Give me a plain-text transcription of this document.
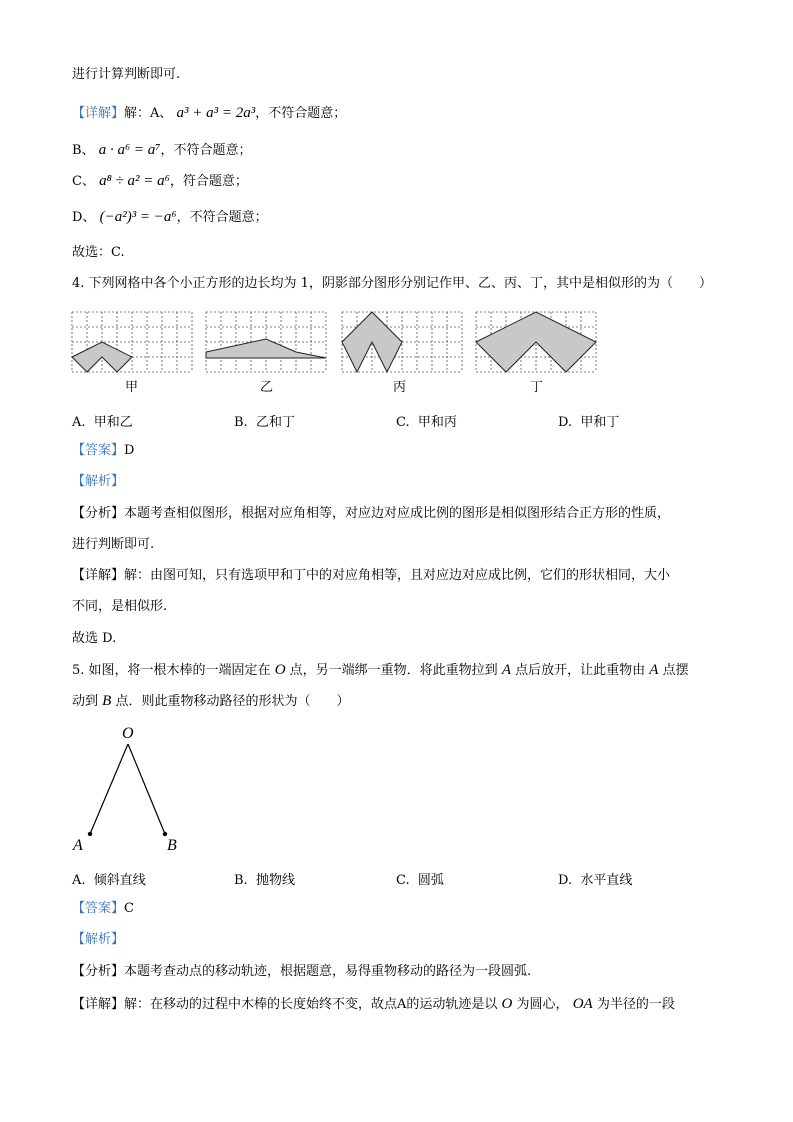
进行计算判断即可.
【详解】解：A、 a³ + a³ = 2a³，不符合题意；
B、 a · a⁶ = a⁷，不符合题意；
C、 a⁸ ÷ a² = a⁶，符合题意；
D、 (−a²)³ = −a⁶，不符合题意；
故选：C.
4. 下列网格中各个小正方形的边长均为 1，阴影部分图形分别记作甲、乙、丙、丁，其中是相似形的为（　　）
甲	乙	丙	丁
A. 甲和乙	B. 乙和丁	C. 甲和丙	D. 甲和丁
【答案】D
【解析】
【分析】本题考查相似图形，根据对应角相等，对应边对应成比例的图形是相似图形结合正方形的性质，
进行判断即可.
【详解】解：由图可知，只有选项甲和丁中的对应角相等，且对应边对应成比例，它们的形状相同，大小
不同，是相似形.
故选 D.
5. 如图，将一根木棒的一端固定在 O 点，另一端绑一重物．将此重物拉到 A 点后放开，让此重物由 A 点摆
动到 B 点．则此重物移动路径的形状为（　　）
O
A	B
A. 倾斜直线	B. 抛物线	C. 圆弧	D. 水平直线
【答案】C
【解析】
【分析】本题考查动点的移动轨迹，根据题意，易得重物移动的路径为一段圆弧.
【详解】解：在移动的过程中木棒的长度始终不变，故点A的运动轨迹是以 O 为圆心， OA 为半径的一段
